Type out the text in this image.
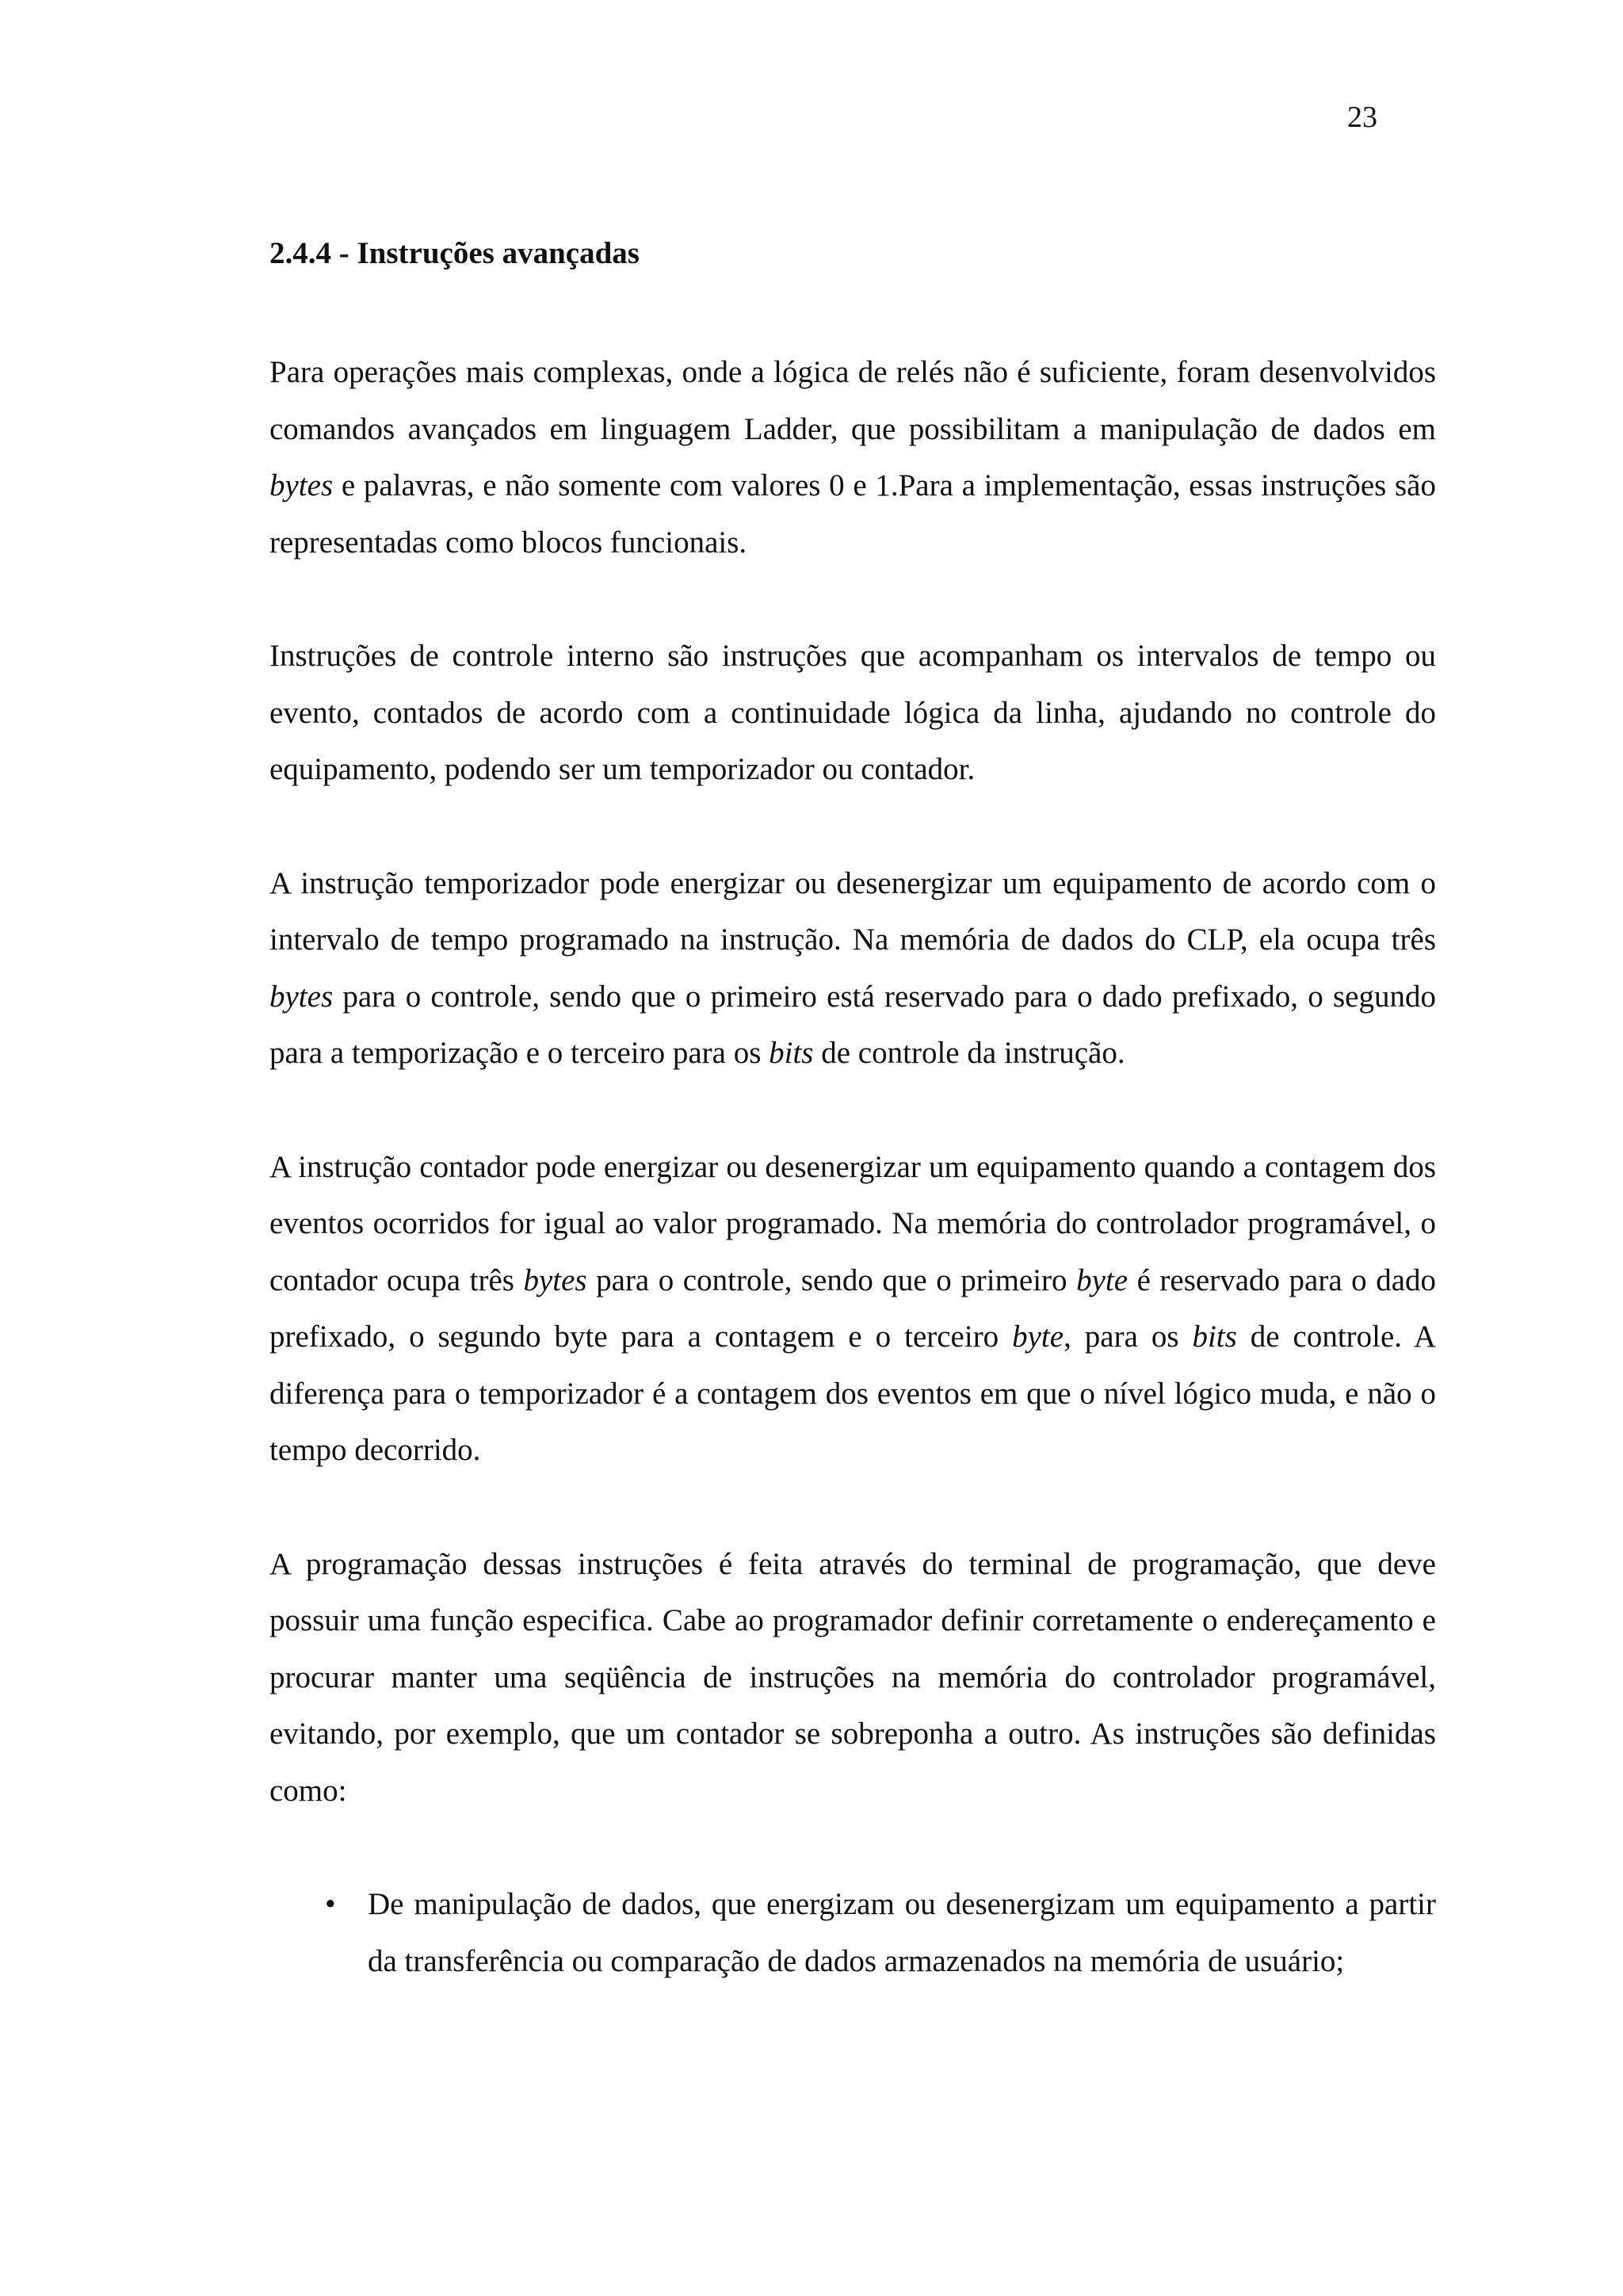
23
2.4.4 - Instruções avançadas

Para operações mais complexas, onde a lógica de relés não é suficiente, foram desenvolvidos comandos avançados em linguagem Ladder, que possibilitam a manipulação de dados em bytes e palavras, e não somente com valores 0 e 1.Para a implementação, essas instruções são representadas como blocos funcionais.

Instruções de controle interno são instruções que acompanham os intervalos de tempo ou evento, contados de acordo com a continuidade lógica da linha, ajudando no controle do equipamento, podendo ser um temporizador ou contador.

A instrução temporizador pode energizar ou desenergizar um equipamento de acordo com o intervalo de tempo programado na instrução. Na memória de dados do CLP, ela ocupa três bytes para o controle, sendo que o primeiro está reservado para o dado prefixado, o segundo para a temporização e o terceiro para os bits de controle da instrução.

A instrução contador pode energizar ou desenergizar um equipamento quando a contagem dos eventos ocorridos for igual ao valor programado. Na memória do controlador programável, o contador ocupa três bytes para o controle, sendo que o primeiro byte é reservado para o dado prefixado, o segundo byte para a contagem e o terceiro byte, para os bits de controle. A diferença para o temporizador é a contagem dos eventos em que o nível lógico muda, e não o tempo decorrido.

A programação dessas instruções é feita através do terminal de programação, que deve possuir uma função especifica. Cabe ao programador definir corretamente o endereçamento e procurar manter uma seqüência de instruções na memória do controlador programável, evitando, por exemplo, que um contador se sobreponha a outro. As instruções são definidas como:

• De manipulação de dados, que energizam ou desenergizam um equipamento a partir da transferência ou comparação de dados armazenados na memória de usuário;
